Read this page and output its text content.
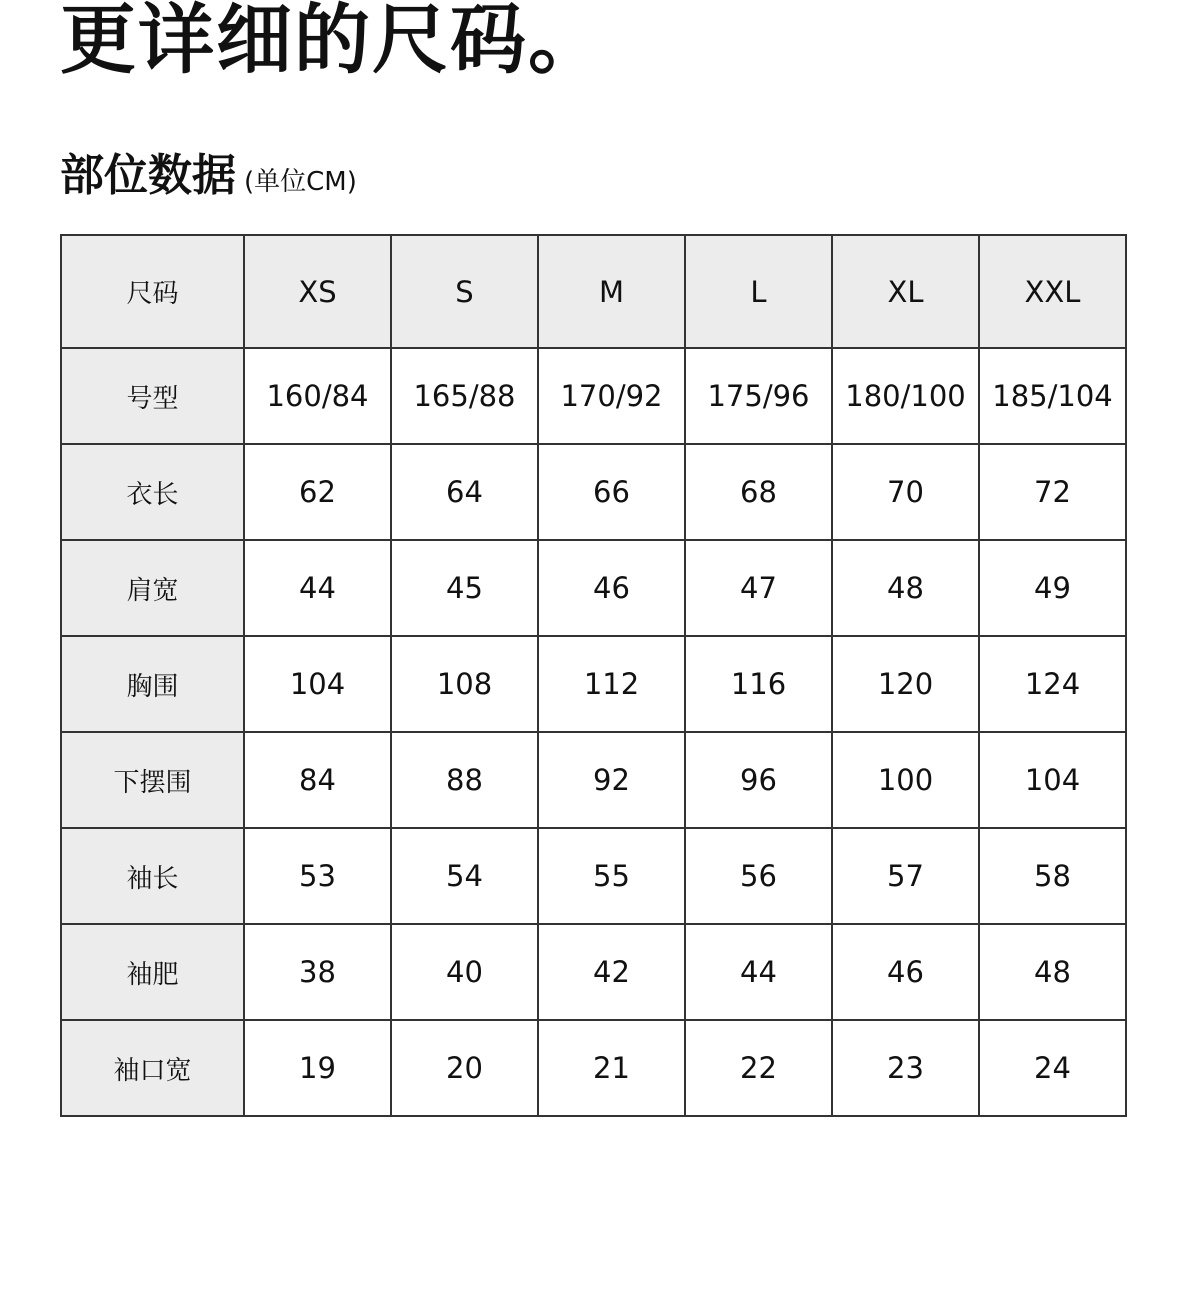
更详细的尺码。
部位数据 (单位CM)
尺码	XS	S	M	L	XL	XXL
号型	160/84	165/88	170/92	175/96	180/100	185/104
衣长	62	64	66	68	70	72
肩宽	44	45	46	47	48	49
胸围	104	108	112	116	120	124
下摆围	84	88	92	96	100	104
袖长	53	54	55	56	57	58
袖肥	38	40	42	44	46	48
袖口宽	19	20	21	22	23	24
